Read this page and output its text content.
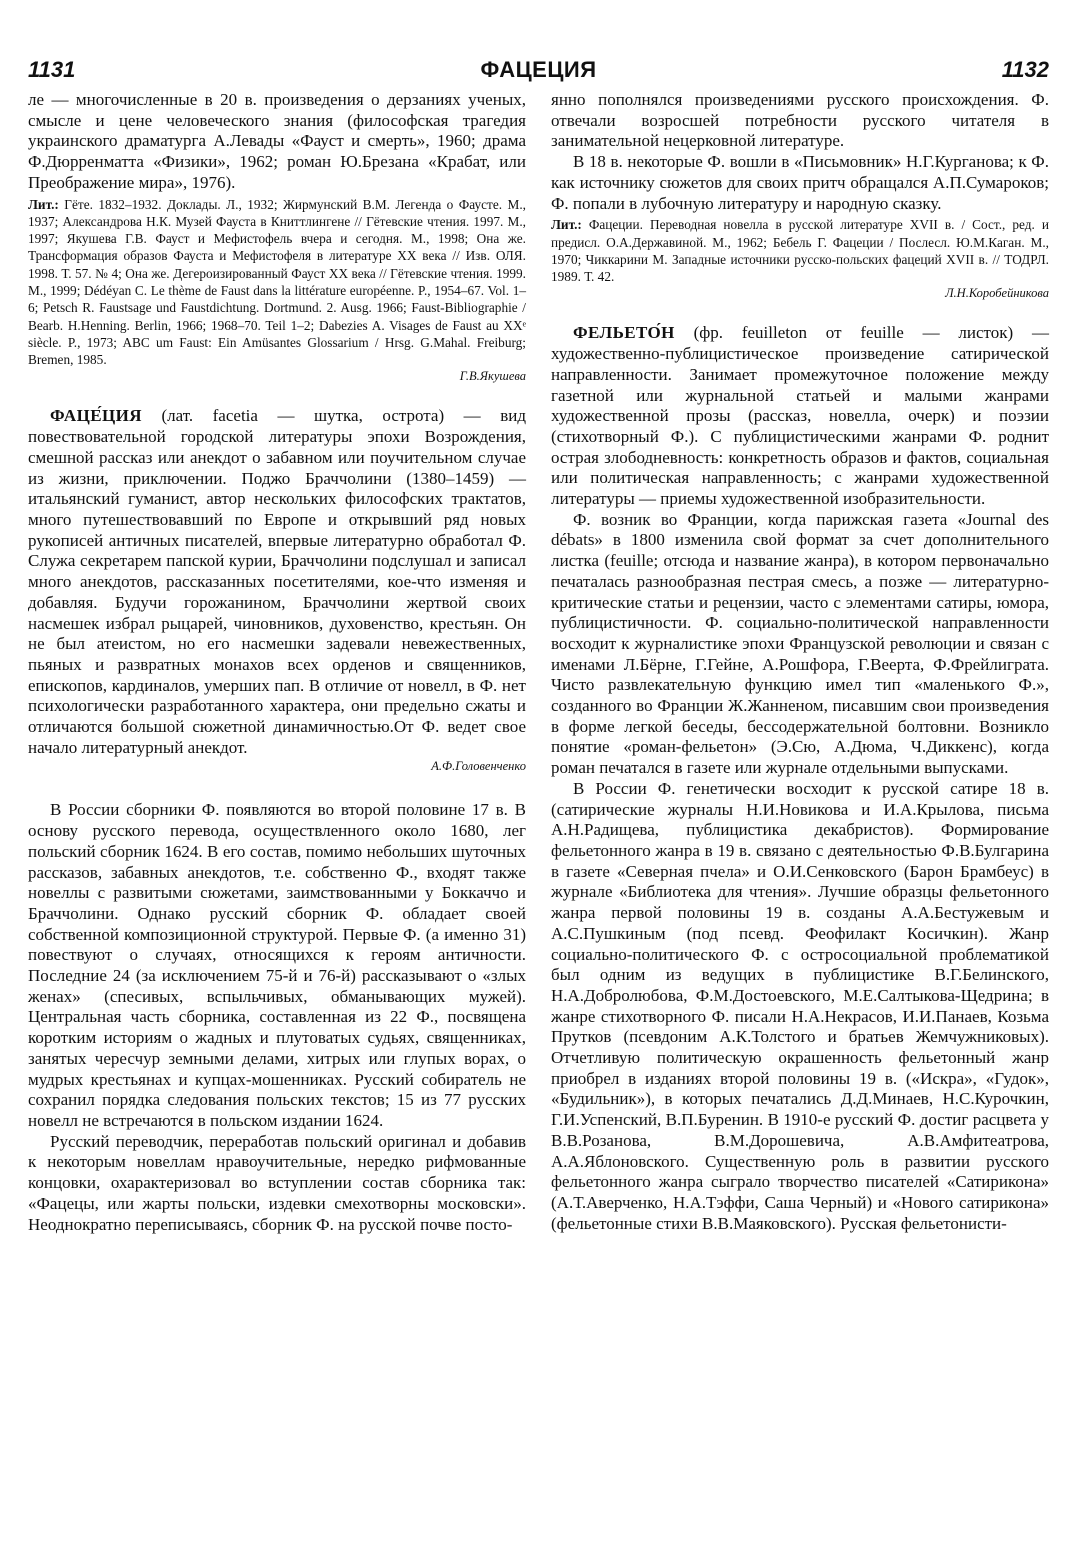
1131	ФАЦЕЦИЯ	1132

ле — многочисленные в 20 в. произведения о дерзаниях ученых, смысле и цене человеческого знания (философская трагедия украинского драматурга А.Левады «Фауст и смерть», 1960; драма Ф.Дюрренматта «Физики», 1962; роман Ю.Брезана «Крабат, или Преображение мира», 1976).

Лит.: Гёте. 1832–1932. Доклады. Л., 1932; Жирмунский В.М. Легенда о Фаусте. М., 1937; Александрова Н.К. Музей Фауста в Книттлингене // Гётевские чтения. 1997. М., 1997; Якушева Г.В. Фауст и Мефистофель вчера и сегодня. М., 1998; Она же. Трансформация образов Фауста и Мефистофеля в литературе XX века // Изв. ОЛЯ. 1998. Т. 57. № 4; Она же. Дегероизированный Фауст XX века // Гётевские чтения. 1999. М., 1999; Dédéyan C. Le thème de Faust dans la littérature européenne. P., 1954–67. Vol. 1–6; Petsch R. Faustsage und Faustdichtung. Dortmund. 2. Ausg. 1966; Faust-Bibliographie / Bearb. H.Henning. Berlin, 1966; 1968–70. Teil 1–2; Dabezies A. Visages de Faust au XXᵉ siècle. P., 1973; ABC um Faust: Ein Amüsantes Glossarium / Hrsg. G.Mahal. Freiburg; Bremen, 1985.
Г.В.Якушева

ФАЦЕ́ЦИЯ (лат. facetia — шутка, острота) — вид повествовательной городской литературы эпохи Возрождения, смешной рассказ или анекдот о забавном или поучительном случае из жизни, приключении. Поджо Браччолини (1380–1459) — итальянский гуманист, автор нескольких философских трактатов, много путешествовавший по Европе и открывший ряд новых рукописей античных писателей, впервые литературно обработал Ф. Служа секретарем папской курии, Браччолини подслушал и записал много анекдотов, рассказанных посетителями, кое-что изменяя и добавляя. Будучи горожанином, Браччолини жертвой своих насмешек избрал рыцарей, чиновников, духовенство, крестьян. Он не был атеистом, но его насмешки задевали невежественных, пьяных и развратных монахов всех орденов и священников, епископов, кардиналов, умерших пап. В отличие от новелл, в Ф. нет психологически разработанного характера, они предельно сжаты и отличаются большой сюжетной динамичностью.От Ф. ведет свое начало литературный анекдот.

А.Ф.Головенченко

В России сборники Ф. появляются во второй половине 17 в. В основу русского перевода, осуществленного около 1680, лег польский сборник 1624. В его состав, помимо небольших шуточных рассказов, забавных анекдотов, т.е. собственно Ф., входят также новеллы с развитыми сюжетами, заимствованными у Боккаччо и Браччолини. Однако русский сборник Ф. обладает своей собственной композиционной структурой. Первые Ф. (а именно 31) повествуют о случаях, относящихся к героям античности. Последние 24 (за исключением 75-й и 76-й) рассказывают о «злых женах» (спесивых, вспыльчивых, обманывающих мужей). Центральная часть сборника, составленная из 22 Ф., посвящена коротким историям о жадных и плутоватых судьях, священниках, занятых чересчур земными делами, хитрых или глупых ворах, о мудрых крестьянах и купцах-мошенниках. Русский собиратель не сохранил порядка следования польских текстов; 15 из 77 русских новелл не встречаются в польском издании 1624.

Русский переводчик, переработав польский оригинал и добавив к некоторым новеллам нравоучительные, нередко рифмованные концовки, охарактеризовал во вступлении состав сборника так: «Фацецы, или жарты польски, издевки смехотворны московски». Неоднократно переписываясь, сборник Ф. на русской почве посто-

янно пополнялся произведениями русского происхождения. Ф. отвечали возросшей потребности русского читателя в занимательной нецерковной литературе.

В 18 в. некоторые Ф. вошли в «Письмовник» Н.Г.Курганова; к Ф. как источнику сюжетов для своих притч обращался А.П.Сумароков; Ф. попали в лубочную литературу и народную сказку.

Лит.: Фацеции. Переводная новелла в русской литературе XVII в. / Сост., ред. и предисл. О.А.Державиной. М., 1962; Бебель Г. Фацеции / Послесл. Ю.М.Каган. М., 1970; Чиккарини М. Западные источники русско-польских фацеций XVII в. // ТОДРЛ. 1989. Т. 42.
Л.Н.Коробейникова

ФЕЛЬЕТО́Н (фр. feuilleton от feuille — листок) — художественно-публицистическое произведение сатирической направленности. Занимает промежуточное положение между газетной или журнальной статьей и малыми жанрами художественной прозы (рассказ, новелла, очерк) и поэзии (стихотворный Ф.). С публицистическими жанрами Ф. роднит острая злободневность: конкретность образов и фактов, социальная или политическая направленность; с жанрами художественной литературы — приемы художественной изобразительности.

Ф. возник во Франции, когда парижская газета «Journal des débats» в 1800 изменила свой формат за счет дополнительного листка (feuille; отсюда и название жанра), в котором первоначально печаталась разнообразная пестрая смесь, а позже — литературно-критические статьи и рецензии, часто с элементами сатиры, юмора, публицистичности. Ф. социально-политической направленности восходит к журналистике эпохи Французской революции и связан с именами Л.Бёрне, Г.Гейне, А.Рошфора, Г.Веерта, Ф.Фрейлиграта. Чисто развлекательную функцию имел тип «маленького Ф.», созданного во Франции Ж.Жанненом, писавшим свои произведения в форме легкой беседы, бессодержательной болтовни. Возникло понятие «роман-фельетон» (Э.Сю, А.Дюма, Ч.Диккенс), когда роман печатался в газете или журнале отдельными выпусками.

В России Ф. генетически восходит к русской сатире 18 в. (сатирические журналы Н.И.Новикова и И.А.Крылова, письма А.Н.Радищева, публицистика декабристов). Формирование фельетонного жанра в 19 в. связано с деятельностью Ф.В.Булгарина в газете «Северная пчела» и О.И.Сенковского (Барон Брамбеус) в журнале «Библиотека для чтения». Лучшие образцы фельетонного жанра первой половины 19 в. созданы А.А.Бестужевым и А.С.Пушкиным (под псевд. Феофилакт Косичкин). Жанр социально-политического Ф. с остросоциальной проблематикой был одним из ведущих в публицистике В.Г.Белинского, Н.А.Добролюбова, Ф.М.Достоевского, М.Е.Салтыкова-Щедрина; в жанре стихотворного Ф. писали Н.А.Некрасов, И.И.Панаев, Козьма Прутков (псевдоним А.К.Толстого и братьев Жемчужниковых). Отчетливую политическую окрашенность фельетонный жанр приобрел в изданиях второй половины 19 в. («Искра», «Гудок», «Будильник»), в которых печатались Д.Д.Минаев, Н.С.Курочкин, Г.И.Успенский, В.П.Буренин. В 1910-е русский Ф. достиг расцвета у В.В.Розанова, В.М.Дорошевича, А.В.Амфитеатрова, А.А.Яблоновского. Существенную роль в развитии русского фельетонного жанра сыграло творчество писателей «Сатирикона» (А.Т.Аверченко, Н.А.Тэффи, Саша Черный) и «Нового сатирикона» (фельетонные стихи В.В.Маяковского). Русская фельетонисти-
